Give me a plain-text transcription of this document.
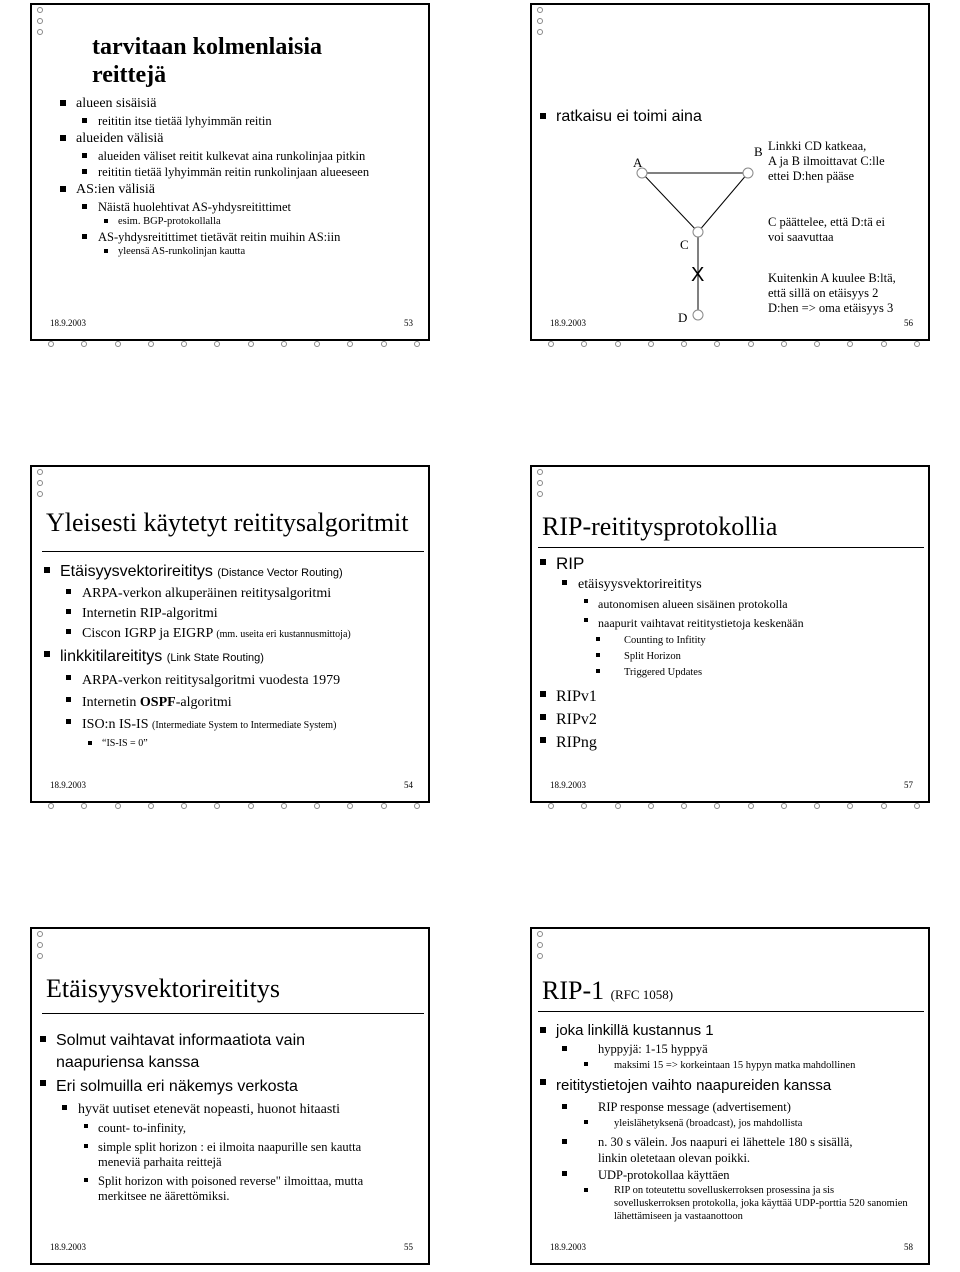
tarvitaan kolmenlaisia reittejä
alueen sisäisiä
reititin itse tietää lyhyimmän reitin
alueiden välisiä
alueiden väliset reitit kulkevat aina runkolinjaa pitkin
reititin tietää lyhyimmän reitin runkolinjaan alueeseen
AS:ien välisiä
Näistä huolehtivat AS-yhdysreitittimet
esim. BGP-protokollalla
AS-yhdysreitittimet tietävät reitin muihin AS:iin
yleensä AS-runkolinjan kautta
18.9.2003	53
ratkaisu ei toimi aina
A
B
C
D
X
Linkki CD katkeaa,
A ja B ilmoittavat C:lle
ettei D:hen pääse
C päättelee, että D:tä ei
voi saavuttaa
Kuitenkin A kuulee B:ltä,
että sillä on etäisyys 2
D:hen => oma etäisyys 3
18.9.2003	56
Yleisesti käytetyt reititysalgoritmit
Etäisyysvektorireititys (Distance Vector Routing)
ARPA-verkon alkuperäinen reititysalgoritmi
Internetin RIP-algoritmi
Ciscon IGRP ja EIGRP (mm. useita eri kustannusmittoja)
linkkitilareititys (Link State Routing)
ARPA-verkon reititysalgoritmi vuodesta 1979
Internetin OSPF-algoritmi
ISO:n IS-IS (Intermediate System to Intermediate System)
“IS-IS = 0”
18.9.2003	54
RIP-reititysprotokollia
RIP
etäisyysvektorireititys
autonomisen alueen sisäinen protokolla
naapurit vaihtavat reititystietoja keskenään
Counting to Infitity
Split Horizon
Triggered Updates
RIPv1
RIPv2
RIPng
18.9.2003	57
Etäisyysvektorireititys
Solmut vaihtavat informaatiota vain naapuriensa kanssa
Eri solmuilla eri näkemys verkosta
hyvät uutiset etenevät nopeasti, huonot hitaasti
count- to-infinity,
simple split horizon : ei ilmoita naapurille sen kautta meneviä parhaita reittejä
Split horizon with poisoned reverse" ilmoittaa, mutta merkitsee ne äärettömiksi.
18.9.2003	55
RIP-1 (RFC 1058)
joka linkillä kustannus 1
hyppyjä: 1-15 hyppyä
maksimi 15 => korkeintaan 15 hypyn matka mahdollinen
reititystietojen vaihto naapureiden kanssa
RIP response message (advertisement)
yleislähetyksenä (broadcast), jos mahdollista
n. 30 s välein. Jos naapuri ei lähettele 180 s sisällä, linkin oletetaan olevan poikki.
UDP-protokollaa käyttäen
RIP on toteutettu sovelluskerroksen prosessina ja sis sovelluskerroksen protokolla, joka käyttää UDP-porttia 520 sanomien lähettämiseen ja vastaanottoon
18.9.2003	58
